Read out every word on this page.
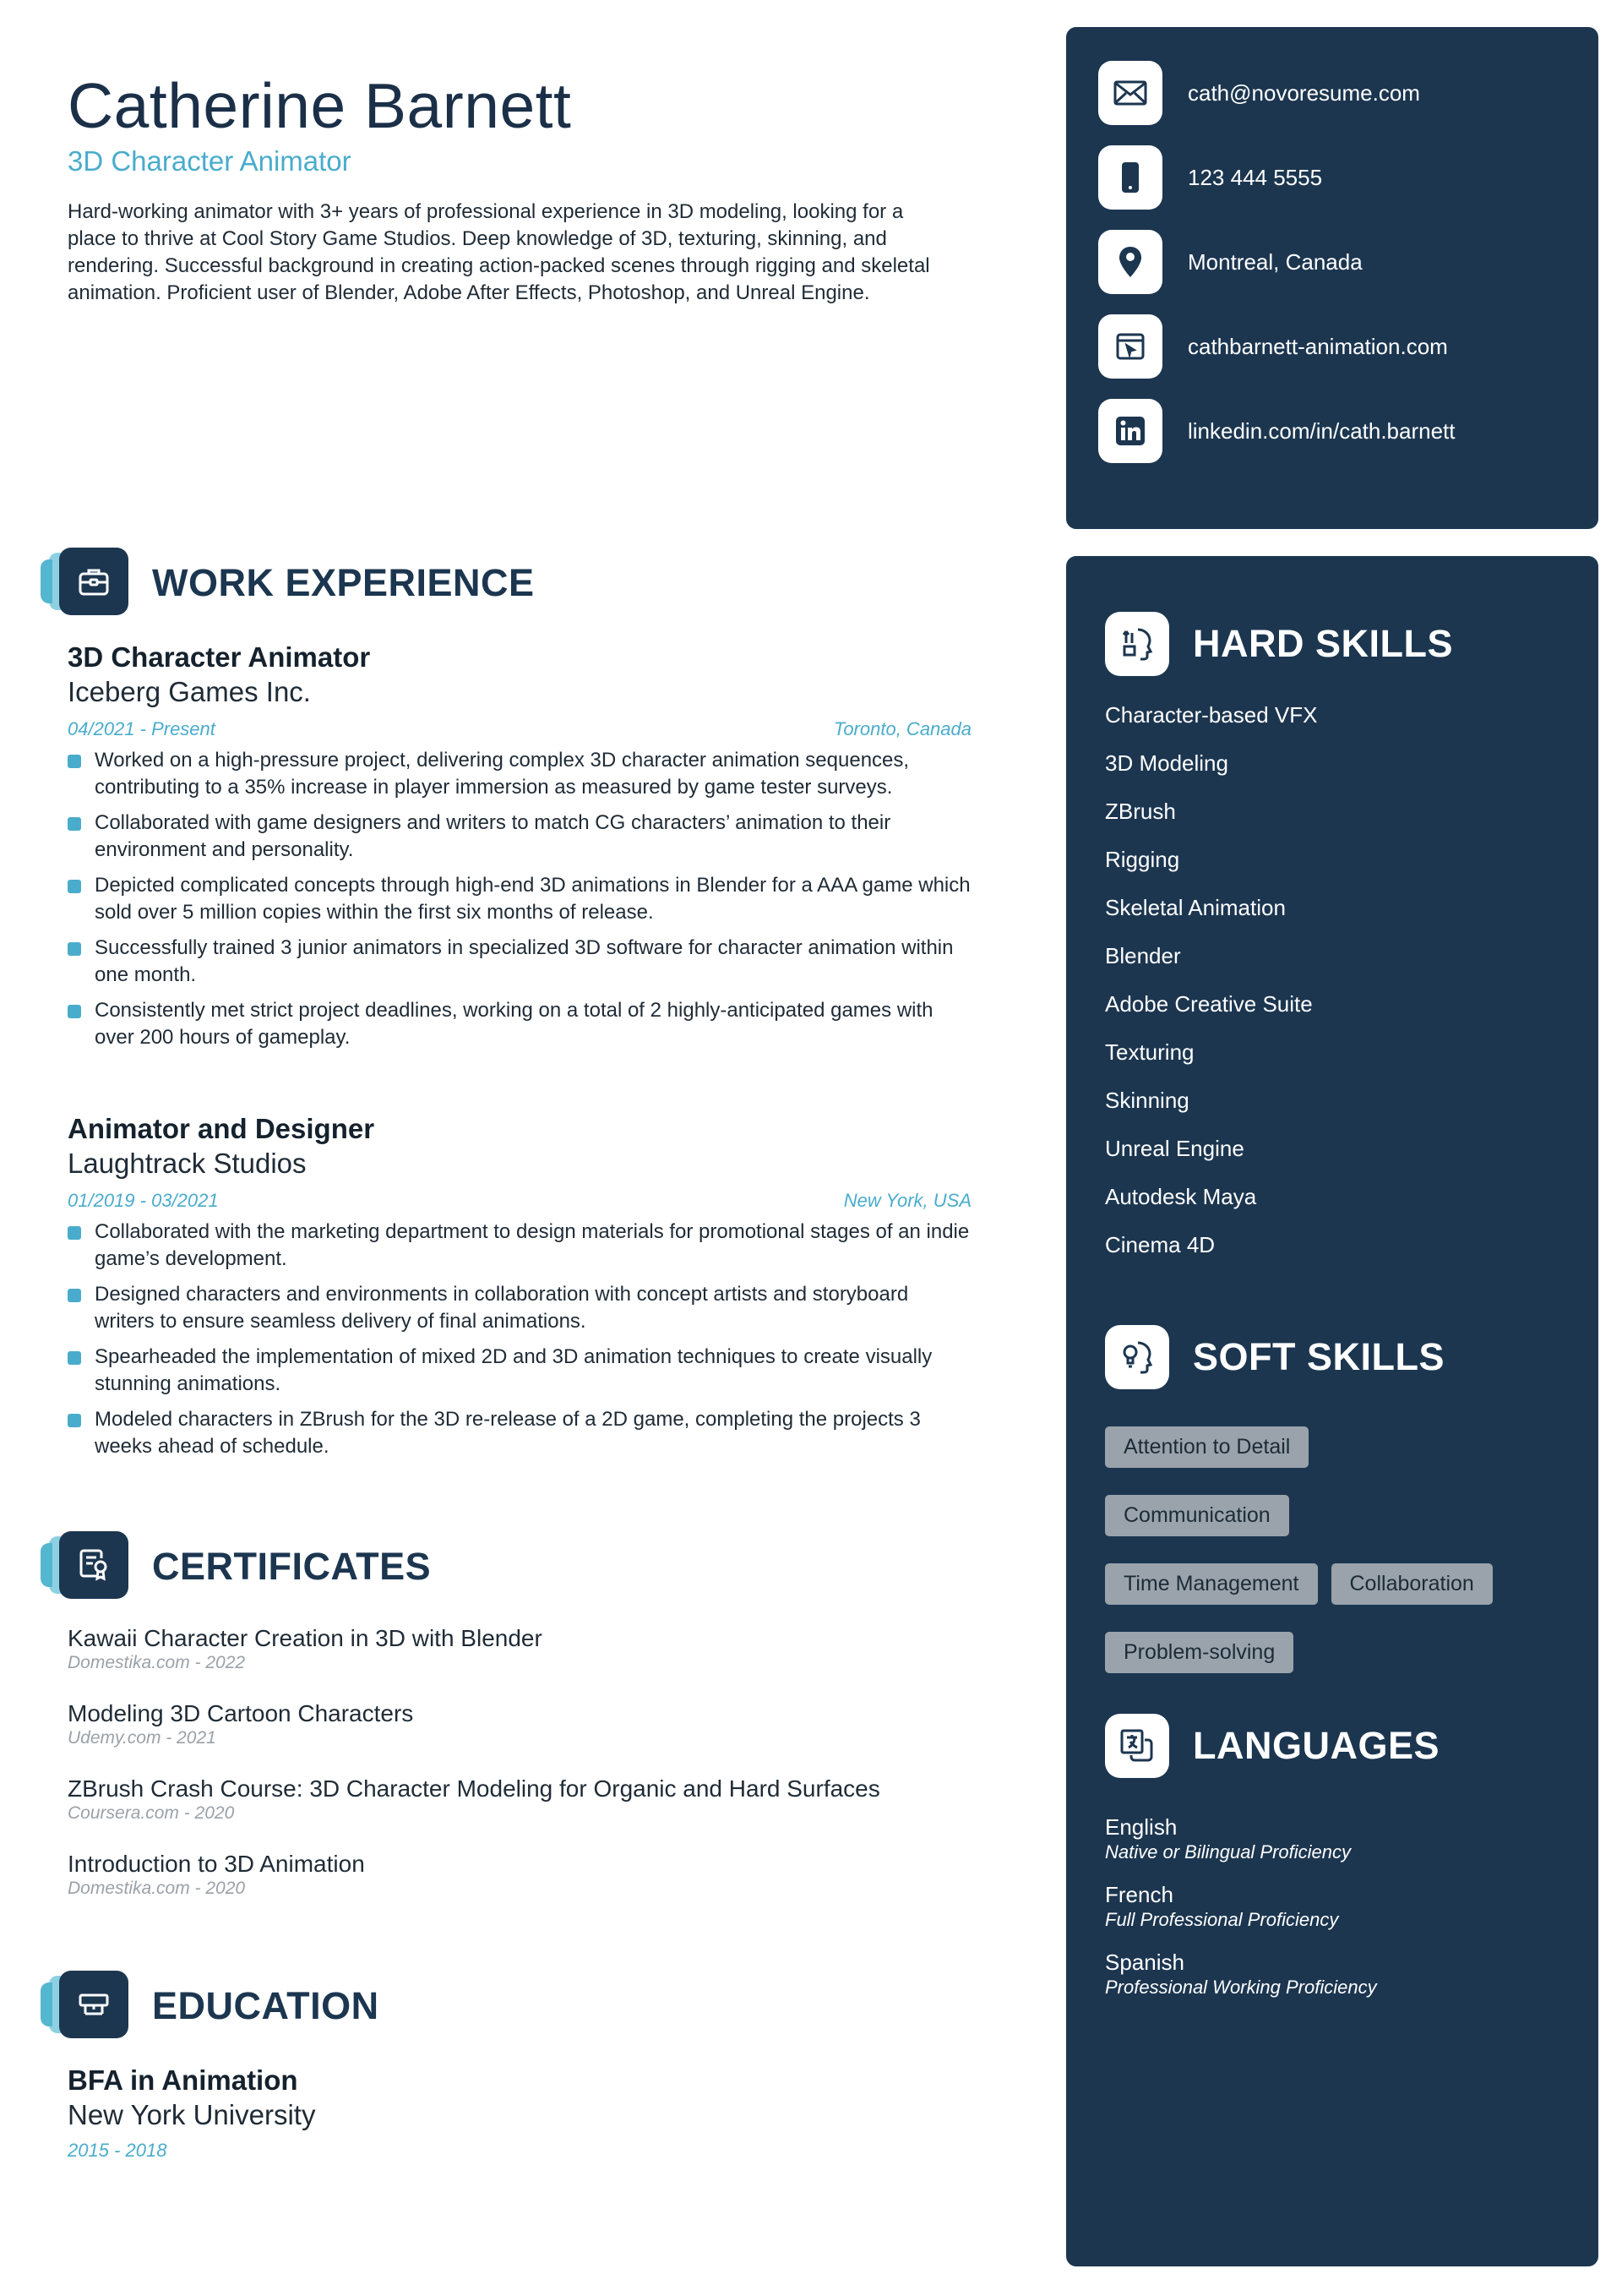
Catherine Barnett
3D Character Animator

Hard-working animator with 3+ years of professional experience in 3D modeling, looking for a place to thrive at Cool Story Game Studios. Deep knowledge of 3D, texturing, skinning, and rendering. Successful background in creating action-packed scenes through rigging and skeletal animation. Proficient user of Blender, Adobe After Effects, Photoshop, and Unreal Engine.

WORK EXPERIENCE
3D Character Animator
Iceberg Games Inc.
04/2021 - Present	Toronto, Canada
Worked on a high-pressure project, delivering complex 3D character animation sequences, contributing to a 35% increase in player immersion as measured by game tester surveys.
Collaborated with game designers and writers to match CG characters’ animation to their environment and personality.
Depicted complicated concepts through high-end 3D animations in Blender for a AAA game which sold over 5 million copies within the first six months of release.
Successfully trained 3 junior animators in specialized 3D software for character animation within one month.
Consistently met strict project deadlines, working on a total of 2 highly-anticipated games with over 200 hours of gameplay.
Animator and Designer
Laughtrack Studios
01/2019 - 03/2021	New York, USA
Collaborated with the marketing department to design materials for promotional stages of an indie game’s development.
Designed characters and environments in collaboration with concept artists and storyboard writers to ensure seamless delivery of final animations.
Spearheaded the implementation of mixed 2D and 3D animation techniques to create visually stunning animations.
Modeled characters in ZBrush for the 3D re-release of a 2D game, completing the projects 3 weeks ahead of schedule.
CERTIFICATES
Kawaii Character Creation in 3D with Blender
Domestika.com - 2022
Modeling 3D Cartoon Characters
Udemy.com - 2021
ZBrush Crash Course: 3D Character Modeling for Organic and Hard Surfaces
Coursera.com - 2020
Introduction to 3D Animation
Domestika.com - 2020
EDUCATION
BFA in Animation
New York University
2015 - 2018
cath@novoresume.com
123 444 5555
Montreal, Canada
cathbarnett-animation.com
linkedin.com/in/cath.barnett
HARD SKILLS
Character-based VFX
3D Modeling
ZBrush
Rigging
Skeletal Animation
Blender
Adobe Creative Suite
Texturing
Skinning
Unreal Engine
Autodesk Maya
Cinema 4D
SOFT SKILLS
Attention to Detail
Communication
Time Management	Collaboration
Problem-solving
LANGUAGES
English
Native or Bilingual Proficiency
French
Full Professional Proficiency
Spanish
Professional Working Proficiency
